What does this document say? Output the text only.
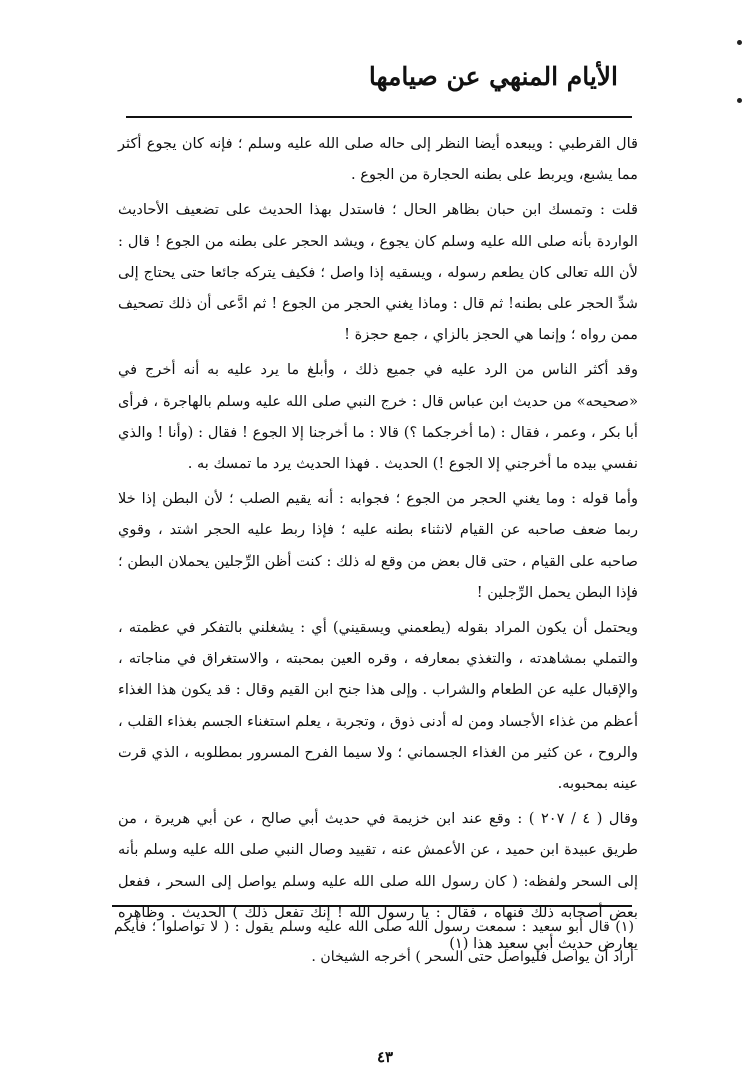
الأيام المنهي عن صيامها

قال القرطبي : ويبعده أيضا النظر إلى حاله صلى الله عليه وسلم ؛ فإنه كان يجوع أكثر مما يشبع، ويربط على بطنه الحجارة من الجوع .

قلت : وتمسك ابن حبان بظاهر الحال ؛ فاستدل بهذا الحديث على تضعيف الأحاديث الواردة بأنه صلى الله عليه وسلم كان يجوع ، ويشد الحجر على بطنه من الجوع ! قال : لأن الله تعالى كان يطعم رسوله ، ويسقيه إذا واصل ؛ فكيف يتركه جائعا حتى يحتاج إلى شدِّ الحجر على بطنه! ثم قال : وماذا يغني الحجر من الجوع ! ثم ادَّعى أن ذلك تصحيف ممن رواه ؛ وإنما هي الحجز بالزاي ، جمع حجزة !

وقد أكثر الناس من الرد عليه في جميع ذلك ، وأبلغ ما يرد عليه به أنه أخرج في «صحيحه» من حديث ابن عباس قال : خرج النبي صلى الله عليه وسلم بالهاجرة ، فرأى أبا بكر ، وعمر ، فقال : (ما أخرجكما ؟) قالا : ما أخرجنا إلا الجوع ! فقال : (وأنا ! والذي نفسي بيده ما أخرجني إلا الجوع !) الحديث . فهذا الحديث يرد ما تمسك به .

وأما قوله : وما يغني الحجر من الجوع ؛ فجوابه : أنه يقيم الصلب ؛ لأن البطن إذا خلا ربما ضعف صاحبه عن القيام لانثناء بطنه عليه ؛ فإذا ربط عليه الحجر اشتد ، وقوي صاحبه على القيام ، حتى قال بعض من وقع له ذلك : كنت أظن الرِّجلين يحملان البطن ؛ فإذا البطن يحمل الرِّجلين !

ويحتمل أن يكون المراد بقوله (يطعمني ويسقيني) أي : يشغلني بالتفكر في عظمته ، والتملي بمشاهدته ، والتغذي بمعارفه ، وقره العين بمحبته ، والاستغراق في مناجاته ، والإقبال عليه عن الطعام والشراب . وإلى هذا جنح ابن القيم وقال : قد يكون هذا الغذاء أعظم من غذاء الأجساد ومن له أدنى ذوق ، وتجربة ، يعلم استغناء الجسم بغذاء القلب ، والروح ، عن كثير من الغذاء الجسماني ؛ ولا سيما الفرح المسرور بمطلوبه ، الذي قرت عينه بمحبوبه.

وقال ( ٤ / ٢٠٧ ) : وقع عند ابن خزيمة في حديث أبي صالح ، عن أبي هريرة ، من طريق عبيدة ابن حميد ، عن الأعمش عنه ، تقييد وصال النبي صلى الله عليه وسلم بأنه إلى السحر ولفظه: ( كان رسول الله صلى الله عليه وسلم يواصل إلى السحر ، ففعل بعض أصحابه ذلك فنهاه ، فقال : يا رسول الله ! إنك تفعل ذلك ) الحديث . وظاهره يعارض حديث أبي سعيد هذا (١)

(١) قال أبو سعيد : سمعت رسول الله صلى الله عليه وسلم يقول : ( لا تواصلوا ؛ فأيكم أراد أن يواصل فليواصل حتى السحر ) أخرجه الشيخان .
٤٣
